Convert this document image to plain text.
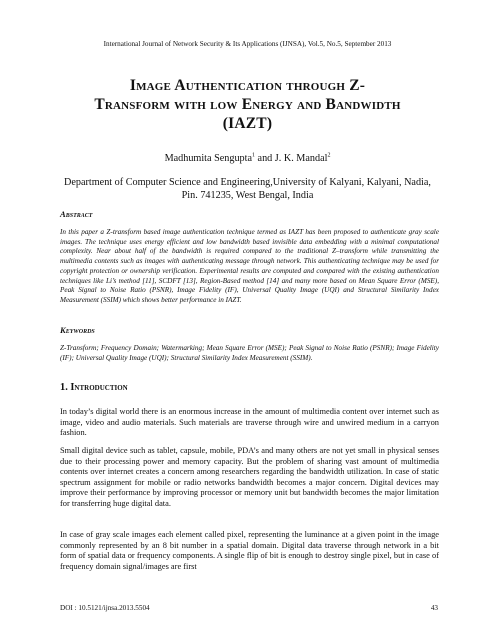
International Journal of Network Security & Its Applications (IJNSA), Vol.5, No.5, September 2013
Image Authentication through Z-
Transform with low Energy and Bandwidth
(IAZT)
Madhumita Sengupta$^1$ and J. K. Mandal$^2$
Department of Computer Science and Engineering,University of Kalyani, Kalyani, Nadia,
Pin. 741235, West Bengal, India
Abstract
In this paper a Z-transform based image authentication technique termed as IAZT has been proposed to authenticate gray scale images. The technique uses energy efficient and low bandwidth based invisible data embedding with a minimal computational complexity. Near about half of the bandwidth is required compared to the traditional Z–transform while transmitting the multimedia contents such as images with authenticating message through network. This authenticating technique may be used for copyright protection or ownership verification. Experimental results are computed and compared with the existing authentication techniques like Li’s method [11], SCDFT [13], Region-Based method [14] and many more based on Mean Square Error (MSE), Peak Signal to Noise Ratio (PSNR), Image Fidelity (IF), Universal Quality Image (UQI) and Structural Similarity Index Measurement (SSIM) which shows better performance in IAZT.
Keywords
Z-Transform; Frequency Domain; Watermarking; Mean Square Error (MSE); Peak Signal to Noise Ratio (PSNR); Image Fidelity (IF); Universal Quality Image (UQI); Structural Similarity Index Measurement (SSIM).
1. Introduction
In today’s digital world there is an enormous increase in the amount of multimedia content over internet such as image, video and audio materials. Such materials are traverse through wire and unwired medium in a carryon fashion.
Small digital device such as tablet, capsule, mobile, PDA’s and many others are not yet small in physical senses due to their processing power and memory capacity. But the problem of sharing vast amount of multimedia contents over internet creates a concern among researchers regarding the bandwidth utilization. In case of static spectrum assignment for mobile or radio networks bandwidth becomes a major concern. Digital devices may improve their performance by improving processor or memory unit but bandwidth becomes the major limitation for transferring huge digital data.
In case of gray scale images each element called pixel, representing the luminance at a given point in the image commonly represented by an 8 bit number in a spatial domain. Digital data traverse through network in a bit form of spatial data or frequency components. A single flip of bit is enough to destroy single pixel, but in case of frequency domain signal/images are first
DOI : 10.5121/ijnsa.2013.5504	43
